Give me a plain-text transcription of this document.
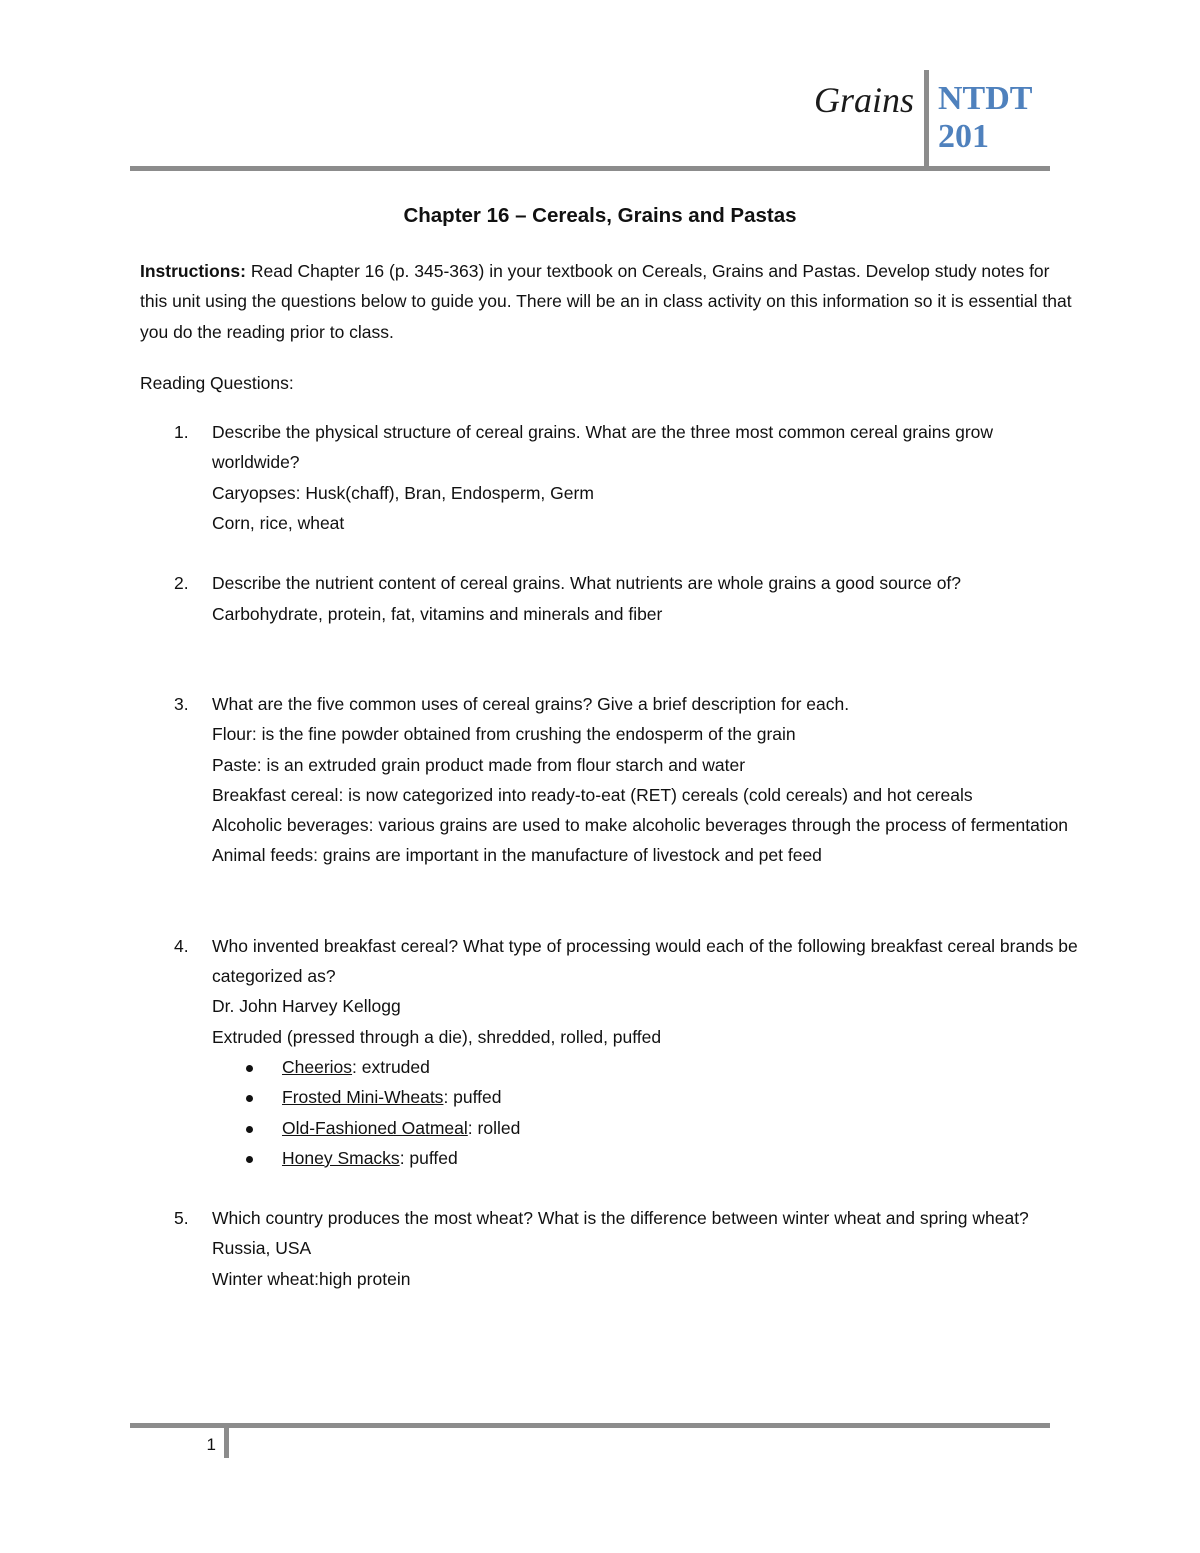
Grains NTDT
201
Chapter 16 – Cereals, Grains and Pastas

Instructions: Read Chapter 16 (p. 345-363) in your textbook on Cereals, Grains and Pastas. Develop study notes for this unit using the questions below to guide you. There will be an in class activity on this information so it is essential that you do the reading prior to class.

Reading Questions:

1. Describe the physical structure of cereal grains. What are the three most common cereal grains grow worldwide?

Caryopses: Husk(chaff), Bran, Endosperm, Germ

Corn, rice, wheat

2. Describe the nutrient content of cereal grains. What nutrients are whole grains a good source of?

Carbohydrate, protein, fat, vitamins and minerals and fiber

3. What are the five common uses of cereal grains? Give a brief description for each.

Flour: is the fine powder obtained from crushing the endosperm of the grain

Paste: is an extruded grain product made from flour starch and water

Breakfast cereal: is now categorized into ready-to-eat (RET) cereals (cold cereals) and hot cereals

Alcoholic beverages: various grains are used to make alcoholic beverages through the process of fermentation

Animal feeds: grains are important in the manufacture of livestock and pet feed

4. Who invented breakfast cereal? What type of processing would each of the following breakfast cereal brands be categorized as?

Dr. John Harvey Kellogg

Extruded (pressed through a die), shredded, rolled, puffed

Cheerios: extruded
Frosted Mini-Wheats: puffed
Old-Fashioned Oatmeal: rolled
Honey Smacks: puffed
5. Which country produces the most wheat? What is the difference between winter wheat and spring wheat?

Russia, USA

Winter wheat:high protein

1
